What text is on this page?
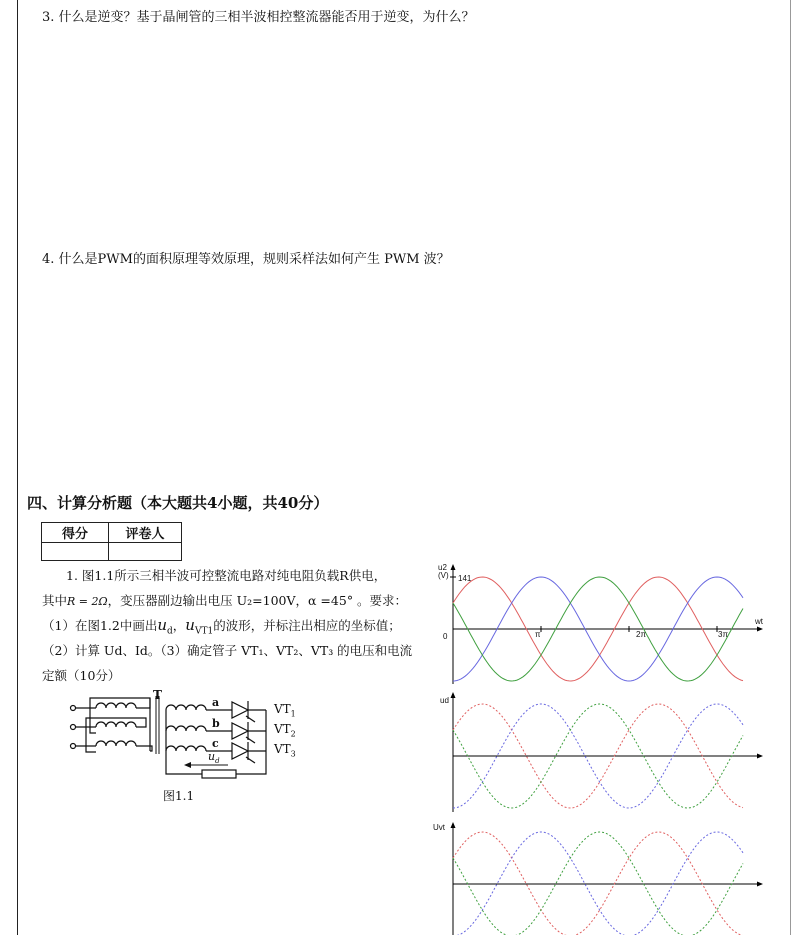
3. 什么是逆变？基于晶闸管的三相半波相控整流器能否用于逆变，为什么？
4. 什么是PWM的面积原理等效原理，规则采样法如何产生 PWM 波？
四、计算分析题（本大题共4小题，共40分）
得分	评卷人

1. 图1.1所示三相半波可控整流电路对纯电阻负载R供电，
其中R = 2Ω，变压器副边输出电压 U₂=100V，α =45° 。要求：
（1）在图1.2中画出$u_d$，$u_{VT1}$的波形，并标注出相应的坐标值；
（2）计算 Ud、Id。（3）确定管子 VT₁、VT₂、VT₃ 的电压和电流
定额（10分）
T
a
b
c
$VT_1$
$VT_2$
$VT_3$
$u_d$
图1.1
u2
(V) 141
0	π	2π	3π
wt
ud
Uvt
